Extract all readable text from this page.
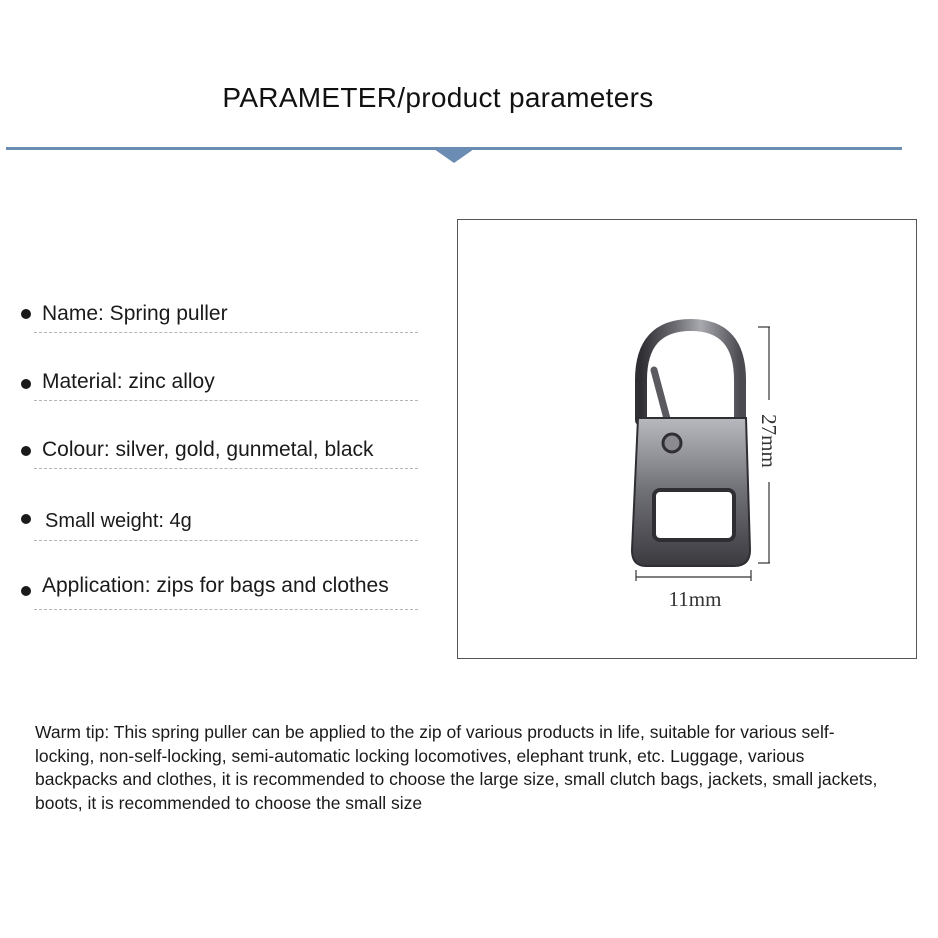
PARAMETER/product parameters
Name: Spring puller
Material: zinc alloy
Colour: silver, gold, gunmetal, black
Small weight: 4g
Application: zips for bags and clothes
27mm
11mm
Warm tip: This spring puller can be applied to the zip of various products in life, suitable for various self-locking, non-self-locking, semi-automatic locking locomotives, elephant trunk, etc. Luggage, various backpacks and clothes, it is recommended to choose the large size, small clutch bags, jackets, small jackets, boots, it is recommended to choose the small size
